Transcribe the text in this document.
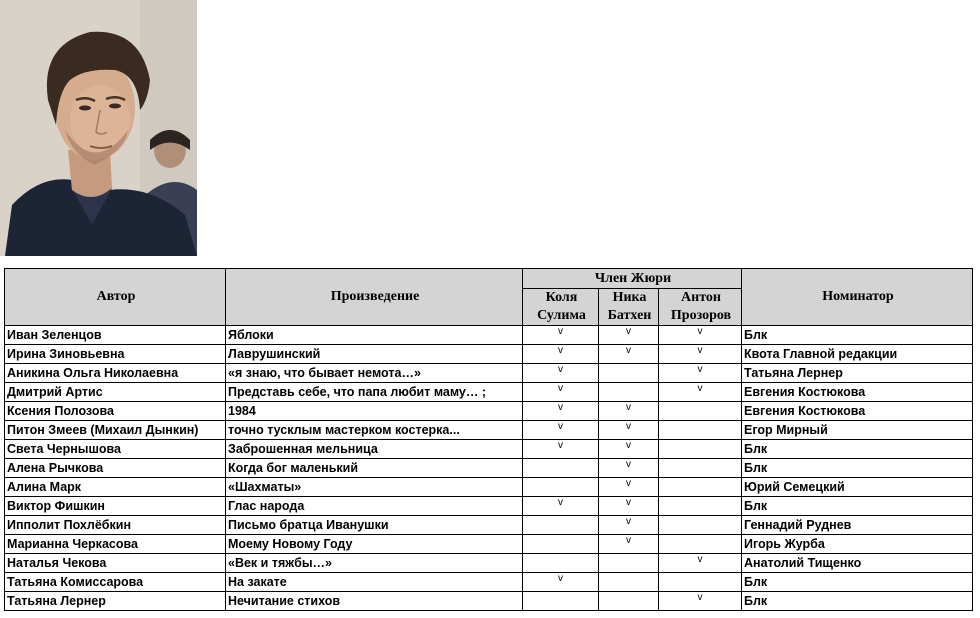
Автор	Произведение	Член Жюри			Номинатор
		Коля Сулима	Ника Батхен	Антон Прозоров	
Иван Зеленцов	Яблоки	v	v	v	Блк
Ирина Зиновьевна	Лаврушинский	v	v	v	Квота Главной редакции
Аникина Ольга Николаевна	«я знаю, что бывает немота…»	v		v	Татьяна Лернер
Дмитрий Артис	Представь себе, что папа любит маму… ;	v		v	Евгения Костюкова
Ксения Полозова	1984	v	v		Евгения Костюкова
Питон Змеев (Михаил Дынкин)	точно тусклым мастерком костерка...	v	v		Егор Мирный
Света Чернышова	Заброшенная мельница	v	v		Блк
Алена Рычкова	Когда бог маленький		v		Блк
Алина Марк	«Шахматы»		v		Юрий Семецкий
Виктор Фишкин	Глас народа	v	v		Блк
Ипполит Похлёбкин	Письмо братца Иванушки		v		Геннадий Руднев
Марианна Черкасова	Моему Новому Году		v		Игорь Журба
Наталья Чекова	«Век и тяжбы…»			v	Анатолий Тищенко
Татьяна Комиссарова	На закате	v			Блк
Татьяна Лернер	Нечитание стихов			v	Блк
